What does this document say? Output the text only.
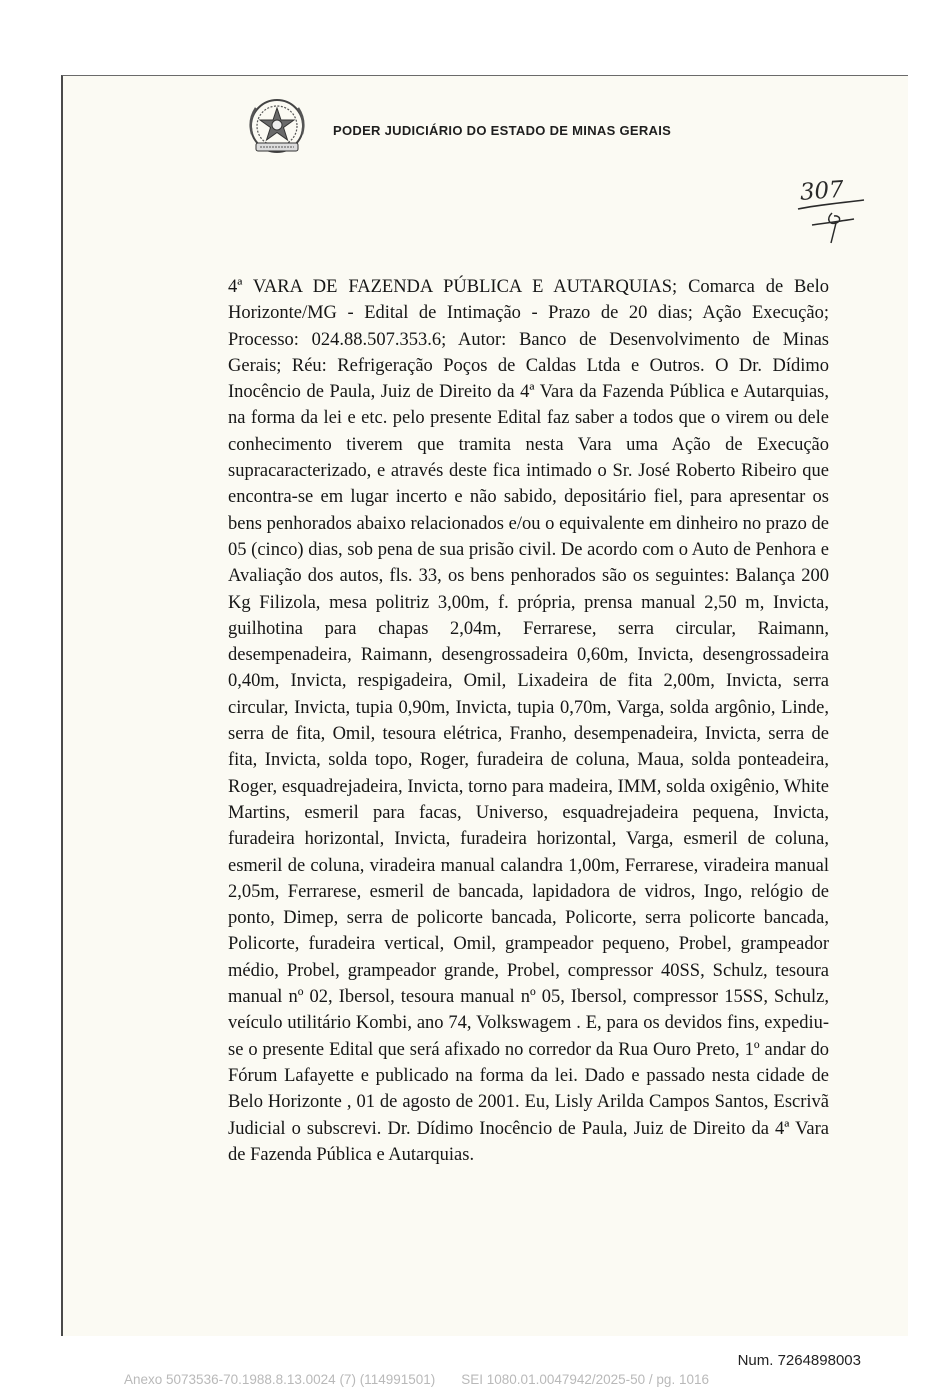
PODER JUDICIÁRIO DO ESTADO DE MINAS GERAIS
307

4ª VARA DE FAZENDA PÚBLICA E AUTARQUIAS; Comarca de Belo Horizonte/MG - Edital de Intimação - Prazo de 20 dias; Ação Execução; Processo: 024.88.507.353.6; Autor: Banco de Desenvolvimento de Minas Gerais; Réu: Refrigeração Poços de Caldas Ltda e Outros. O Dr. Dídimo Inocêncio de Paula, Juiz de Direito da 4ª Vara da Fazenda Pública e Autarquias, na forma da lei e etc. pelo presente Edital faz saber a todos que o virem ou dele conhecimento tiverem que tramita nesta Vara uma Ação de Execução supracaracterizado, e através deste fica intimado o Sr. José Roberto Ribeiro que encontra-se em lugar incerto e não sabido, depositário fiel, para apresentar os bens penhorados abaixo relacionados e/ou o equivalente em dinheiro no prazo de 05 (cinco) dias, sob pena de sua prisão civil. De acordo com o Auto de Penhora e Avaliação dos autos, fls. 33, os bens penhorados são os seguintes: Balança 200 Kg Filizola, mesa politriz 3,00m, f. própria, prensa manual 2,50 m, Invicta, guilhotina para chapas 2,04m, Ferrarese, serra circular, Raimann, desempenadeira, Raimann, desengrossadeira 0,60m, Invicta, desengrossadeira 0,40m, Invicta, respigadeira, Omil, Lixadeira de fita 2,00m, Invicta, serra circular, Invicta, tupia 0,90m, Invicta, tupia 0,70m, Varga, solda argônio, Linde, serra de fita, Omil, tesoura elétrica, Franho, desempenadeira, Invicta, serra de fita, Invicta, solda topo, Roger, furadeira de coluna, Maua, solda ponteadeira, Roger, esquadrejadeira, Invicta, torno para madeira, IMM, solda oxigênio, White Martins, esmeril para facas, Universo, esquadrejadeira pequena, Invicta, furadeira horizontal, Invicta, furadeira horizontal, Varga, esmeril de coluna, esmeril de coluna, viradeira manual calandra 1,00m, Ferrarese, viradeira manual 2,05m, Ferrarese, esmeril de bancada, lapidadora de vidros, Ingo, relógio de ponto, Dimep, serra de policorte bancada, Policorte, serra policorte bancada, Policorte, furadeira vertical, Omil, grampeador pequeno, Probel, grampeador médio, Probel, grampeador grande, Probel, compressor 40SS, Schulz, tesoura manual nº 02, Ibersol, tesoura manual nº 05, Ibersol, compressor 15SS, Schulz, veículo utilitário Kombi, ano 74, Volkswagem . E, para os devidos fins, expediu-se o presente Edital que será afixado no corredor da Rua Ouro Preto, 1º andar do Fórum Lafayette e publicado na forma da lei. Dado e passado nesta cidade de Belo Horizonte , 01 de agosto de 2001. Eu, Lisly Arilda Campos Santos, Escrivã Judicial o subscrevi. Dr. Dídimo Inocêncio de Paula, Juiz de Direito da 4ª Vara de Fazenda Pública e Autarquias.

Num. 7264898003
Anexo 5073536-70.1988.8.13.0024 (7) (114991501) SEI 1080.01.0047942/2025-50 / pg. 1016
